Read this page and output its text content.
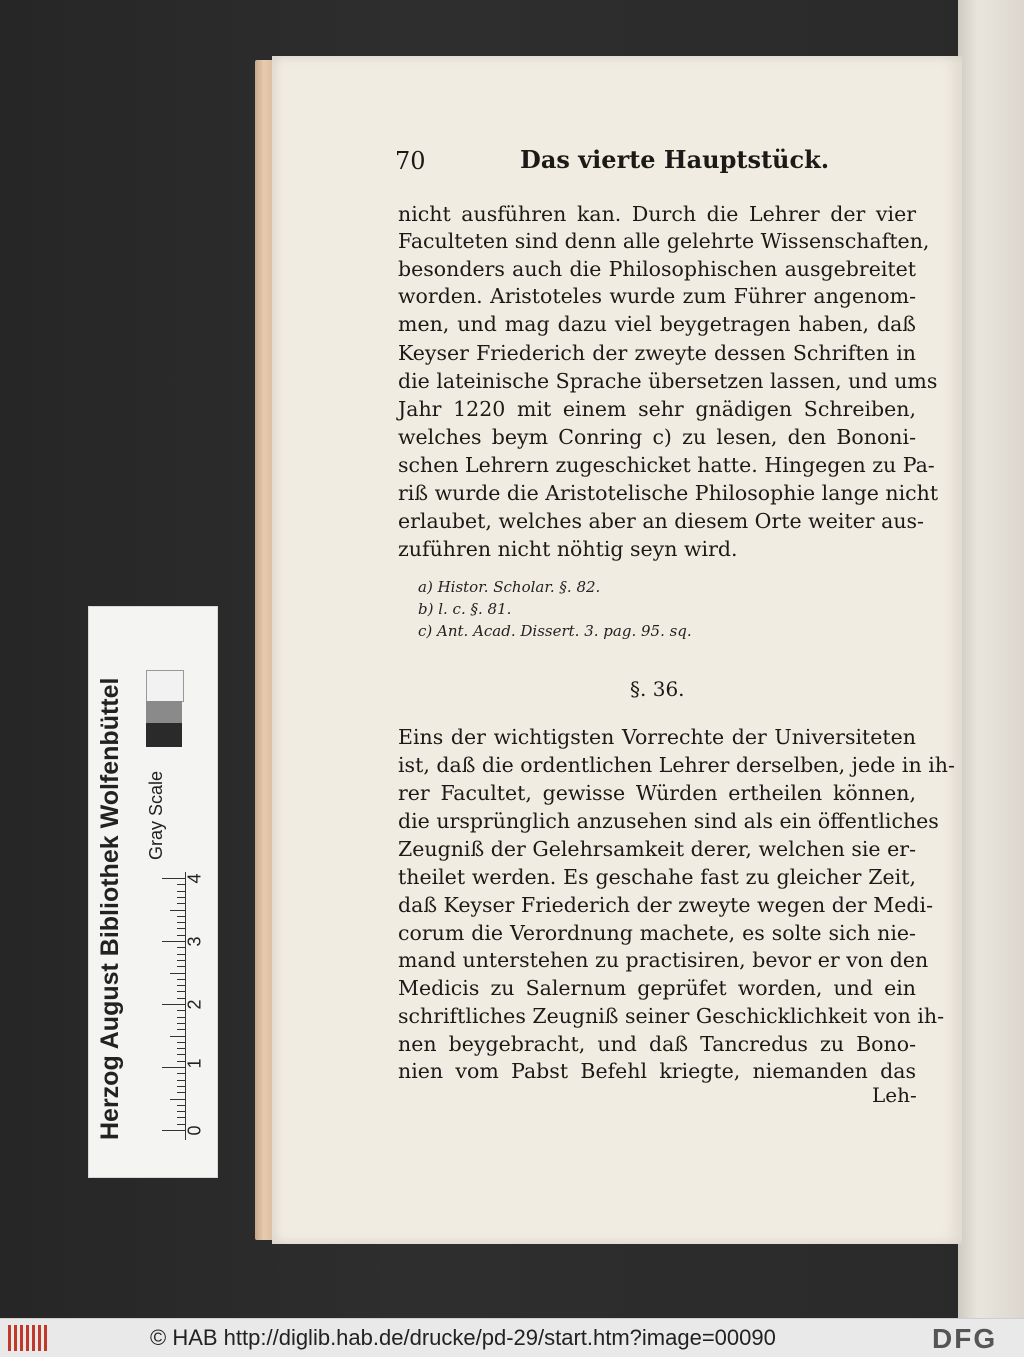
70	Das vierte Hauptstück.
nicht ausführen kan. Durch die Lehrer der vier
Faculteten sind denn alle gelehrte Wissenschaften,
besonders auch die Philosophischen ausgebreitet
worden. Aristoteles wurde zum Führer angenom-
men, und mag dazu viel beygetragen haben, daß
Keyser Friederich der zweyte dessen Schriften in
die lateinische Sprache übersetzen lassen, und ums
Jahr 1220 mit einem sehr gnädigen Schreiben,
welches beym Conring c) zu lesen, den Bononi-
schen Lehrern zugeschicket hatte. Hingegen zu Pa-
riß wurde die Aristotelische Philosophie lange nicht
erlaubet, welches aber an diesem Orte weiter aus-
zuführen nicht nöhtig seyn wird.
a) Histor. Scholar. §. 82.
b) l. c. §. 81.
c) Ant. Acad. Dissert. 3. pag. 95. sq.
§. 36.
Eins der wichtigsten Vorrechte der Universiteten
ist, daß die ordentlichen Lehrer derselben, jede in ih-
rer Facultet, gewisse Würden ertheilen können,
die ursprünglich anzusehen sind als ein öffentliches
Zeugniß der Gelehrsamkeit derer, welchen sie er-
theilet werden. Es geschahe fast zu gleicher Zeit,
daß Keyser Friederich der zweyte wegen der Medi-
corum die Verordnung machete, es solte sich nie-
mand unterstehen zu practisiren, bevor er von den
Medicis zu Salernum geprüfet worden, und ein
schriftliches Zeugniß seiner Geschicklichkeit von ih-
nen beygebracht, und daß Tancredus zu Bono-
nien vom Pabst Befehl kriegte, niemanden das
Leh-
Herzog August Bibliothek Wolfenbüttel Gray Scale
0
1
2
3
4
© HAB http://diglib.hab.de/drucke/pd-29/start.htm?image=00090	DFG
